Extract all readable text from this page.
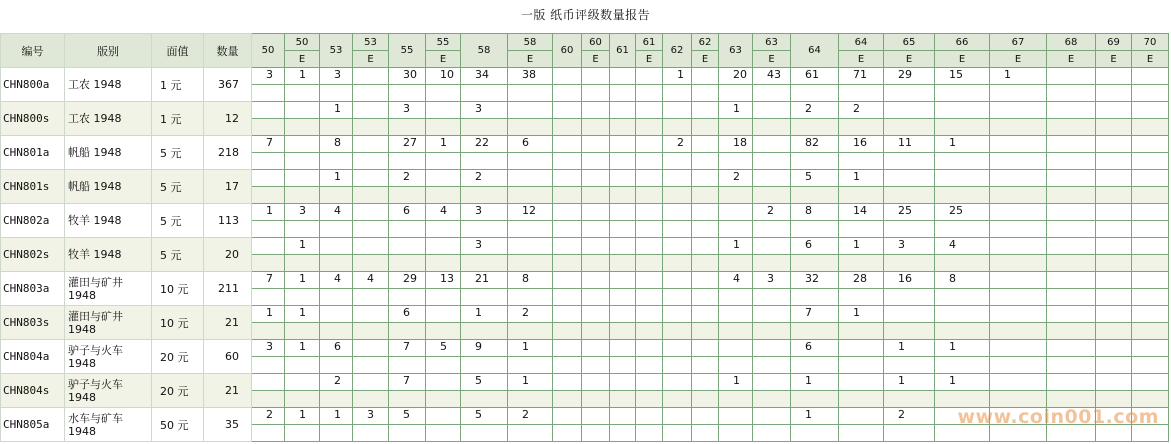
一版 纸币评级数量报告
编号	版别	面值	数量	50	50	53	53	55	55	58	58	60	60	61	61	62	62	63	63	64	64	65	66	67	68	69	70
					E		E		E		E		E		E		E		E		E	E	E	E	E	E	E
CHN800a	工农 1948	1 元	367	3	1	3		30	10	34	38					1		20	43	61	71	29	15	1			

CHN800s	工农 1948	1 元	12			1		3		3								1		2	2						

CHN801a	帆船 1948	5 元	218	7		8		27	1	22	6					2		18		82	16	11	1				

CHN801s	帆船 1948	5 元	17			1		2		2								2		5	1						

CHN802a	牧羊 1948	5 元	113	1	3	4		6	4	3	12								2	8	14	25	25				

CHN802s	牧羊 1948	5 元	20		1					3								1		6	1	3	4				

CHN803a	灌田与矿井 1948	10 元	211	7	1	4	4	29	13	21	8							4	3	32	28	16	8				

CHN803s	灌田与矿井 1948	10 元	21	1	1			6		1	2									7	1						

CHN804a	驴子与火车 1948	20 元	60	3	1	6		7	5	9	1									6		1	1				

CHN804s	驴子与火车 1948	20 元	21			2		7		5	1							1		1		1	1				

CHN805a	水车与矿车 1948	50 元	35	2	1	1	3	5		5	2									1		2					
																								www.coin001.com
